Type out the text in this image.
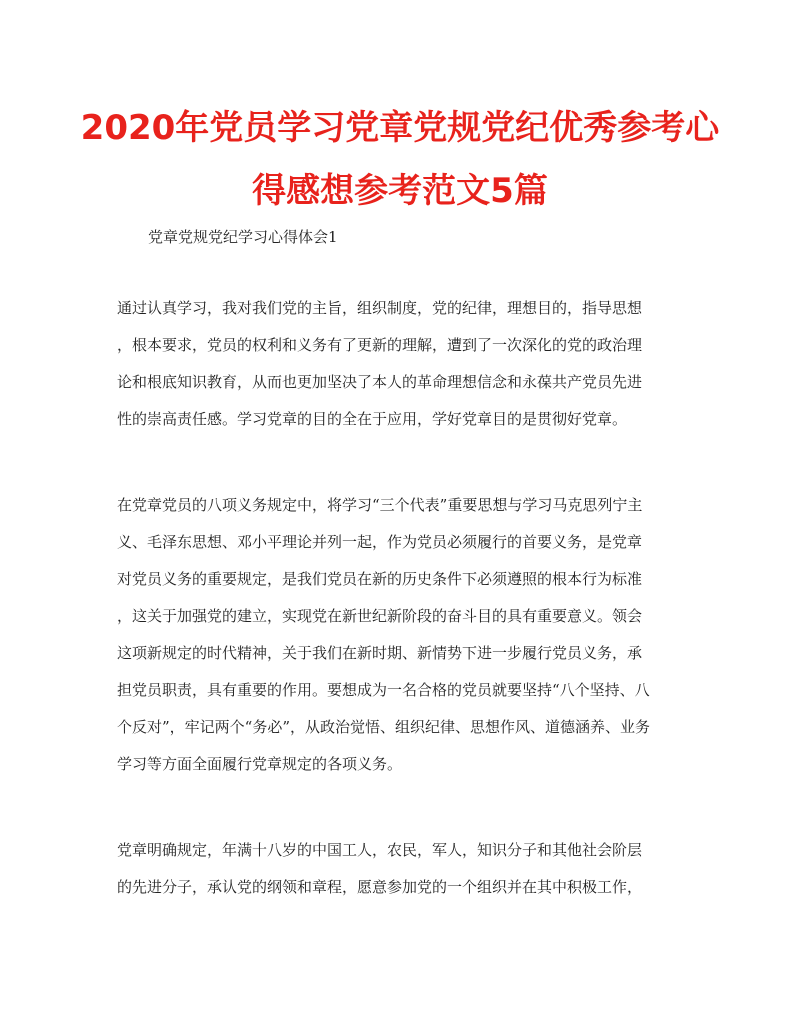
2020年党员学习党章党规党纪优秀参考心
得感想参考范文5篇
党章党规党纪学习心得体会1
通过认真学习，我对我们党的主旨，组织制度，党的纪律，理想目的，指导思想
，根本要求，党员的权利和义务有了更新的理解，遭到了一次深化的党的政治理
论和根底知识教育，从而也更加坚决了本人的革命理想信念和永葆共产党员先进
性的崇高责任感。学习党章的目的全在于应用，学好党章目的是贯彻好党章。
在党章党员的八项义务规定中，将学习“三个代表”重要思想与学习马克思列宁主
义、毛泽东思想、邓小平理论并列一起，作为党员必须履行的首要义务，是党章
对党员义务的重要规定，是我们党员在新的历史条件下必须遵照的根本行为标准
，这关于加强党的建立，实现党在新世纪新阶段的奋斗目的具有重要意义。领会
这项新规定的时代精神，关于我们在新时期、新情势下进一步履行党员义务，承
担党员职责，具有重要的作用。要想成为一名合格的党员就要坚持“八个坚持、八
个反对”，牢记两个“务必”，从政治觉悟、组织纪律、思想作风、道德涵养、业务
学习等方面全面履行党章规定的各项义务。
党章明确规定，年满十八岁的中国工人，农民，军人，知识分子和其他社会阶层
的先进分子，承认党的纲领和章程，愿意参加党的一个组织并在其中积极工作，
